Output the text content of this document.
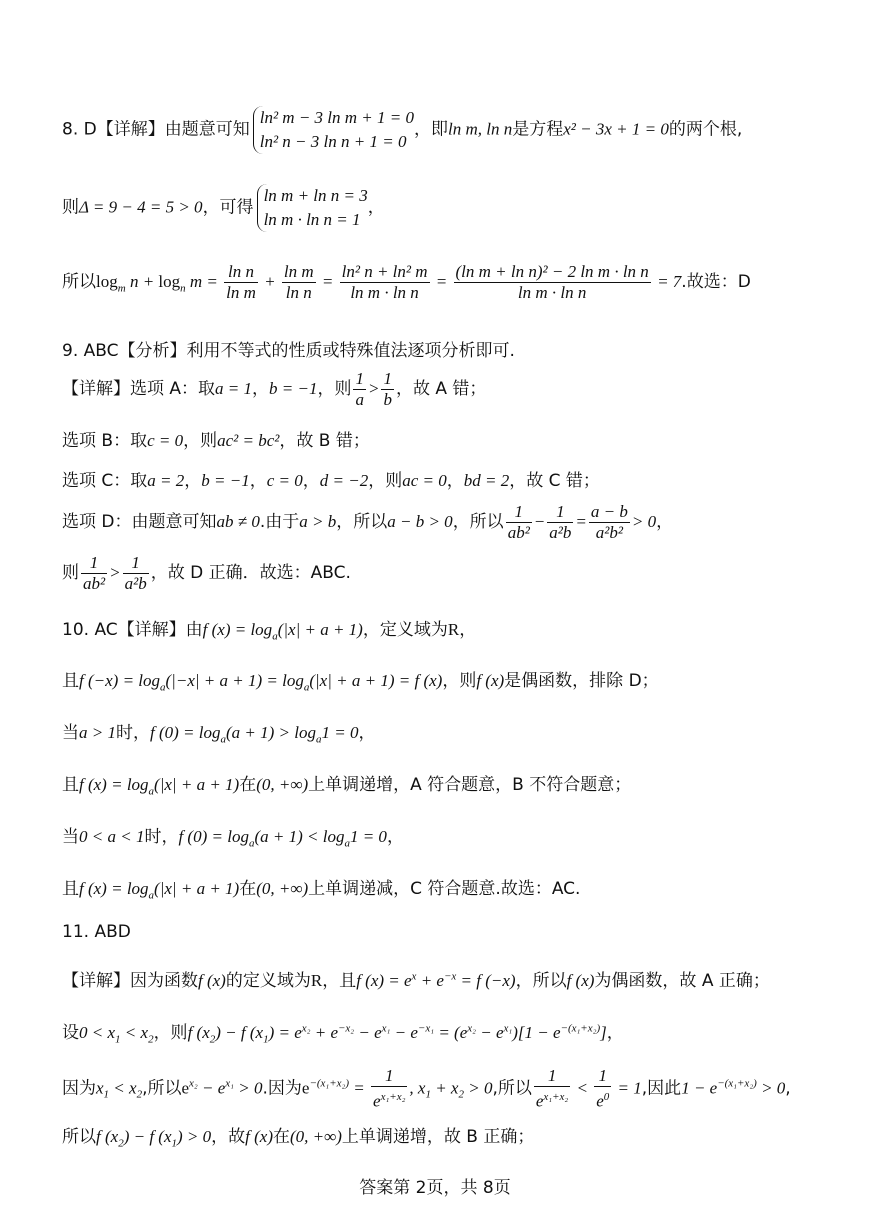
8. D【详解】由题意可知
ln² m − 3 ln m + 1 = 0
ln² n − 3 ln n + 1 = 0
，即ln m, ln n是方程x² − 3x + 1 = 0的两个根,
则Δ = 9 − 4 = 5 > 0，可得
ln m + ln n = 3
ln m · ln n = 1
，
所以$\log_m n + \log_n m = \frac{\text{ln n}}{\text{ln m}} + \frac{\text{ln m}}{\text{ln n}} = \frac{\text{ln² n + ln² m}}{\text{ln m · ln n}} = \frac{\text{(ln m + ln n)² − 2 ln m · ln n}}{\text{ln m · ln n}} = 7$.故选：D
9. ABC【分析】利用不等式的性质或特殊值法逐项分析即可.
【详解】选项 A：取a = 1，b = −1，则 $\frac{1}{a} > \frac{1}{b}$ ，故 A 错；
选项 B：取c = 0，则ac² = bc²，故 B 错；
选项 C：取a = 2，b = −1，c = 0，d = −2，则ac = 0，bd = 2，故 C 错；
选项 D：由题意可知ab ≠ 0.由于a > b，所以a − b > 0，所以 $\frac{1}{\text{ab²}} - \frac{1}{\text{a²b}} = \frac{a - b}{\text{a²b²}} > 0$，
则 $\frac{1}{\text{ab²}} > \frac{1}{\text{a²b}}$ ，故 D 正确．故选：ABC.
10. AC【详解】由f $(x) = \log_a(|x| + a + 1)$，定义域为R，
且f $(-x) = \log_a(|-x| + a + 1) = \log_a(|x| + a + 1) = f$ (x)，则f (x)是偶函数，排除 D；
当a > 1时，f $(0) = \log_a(a + 1) > \log_a1 = 0$，
且f $(x) = \log_a(|x| + a + 1)$在(0, +∞)上单调递增，A 符合题意，B 不符合题意；
当0 < a < 1时，f $(0) = \log_a(a + 1) < \log_a1 = 0$，
且f $(x) = \log_a(|x| + a + 1)$在(0, +∞)上单调递减，C 符合题意.故选：AC.
11. ABD
【详解】因为函数f (x)的定义域为R，且f $(x) = e^x + e^{-x} = f$ (−x)，所以f (x)为偶函数，故 A 正确；
设$0 < x_1 < x_2$，则f $(x_2) - f$ $(x_1) = e^{x_2} + e^{-x_2} - e^{x_1} - e^{-x_1} = (e^{x_2} - e^{x_1})[1 - e^{-(x_1+x_2)}]$，
因为$x_1 < x_2$,所以$e^{x_2} - e^{x_1} > 0$.因为$e^{-(x_1+x_2)} = \frac{1}{e^{x_1+x_2}}$ , $x_1 + x_2 > 0$,所以 $\frac{1}{e^{x_1+x_2}} < \frac{1}{e^0} = 1$,因此$1 - e^{-(x_1+x_2)} > 0$,
所以f $(x_2) - f$ $(x_1) > 0$，故f (x)在(0, +∞)上单调递增，故 B 正确；
答案第 2页，共 8页
